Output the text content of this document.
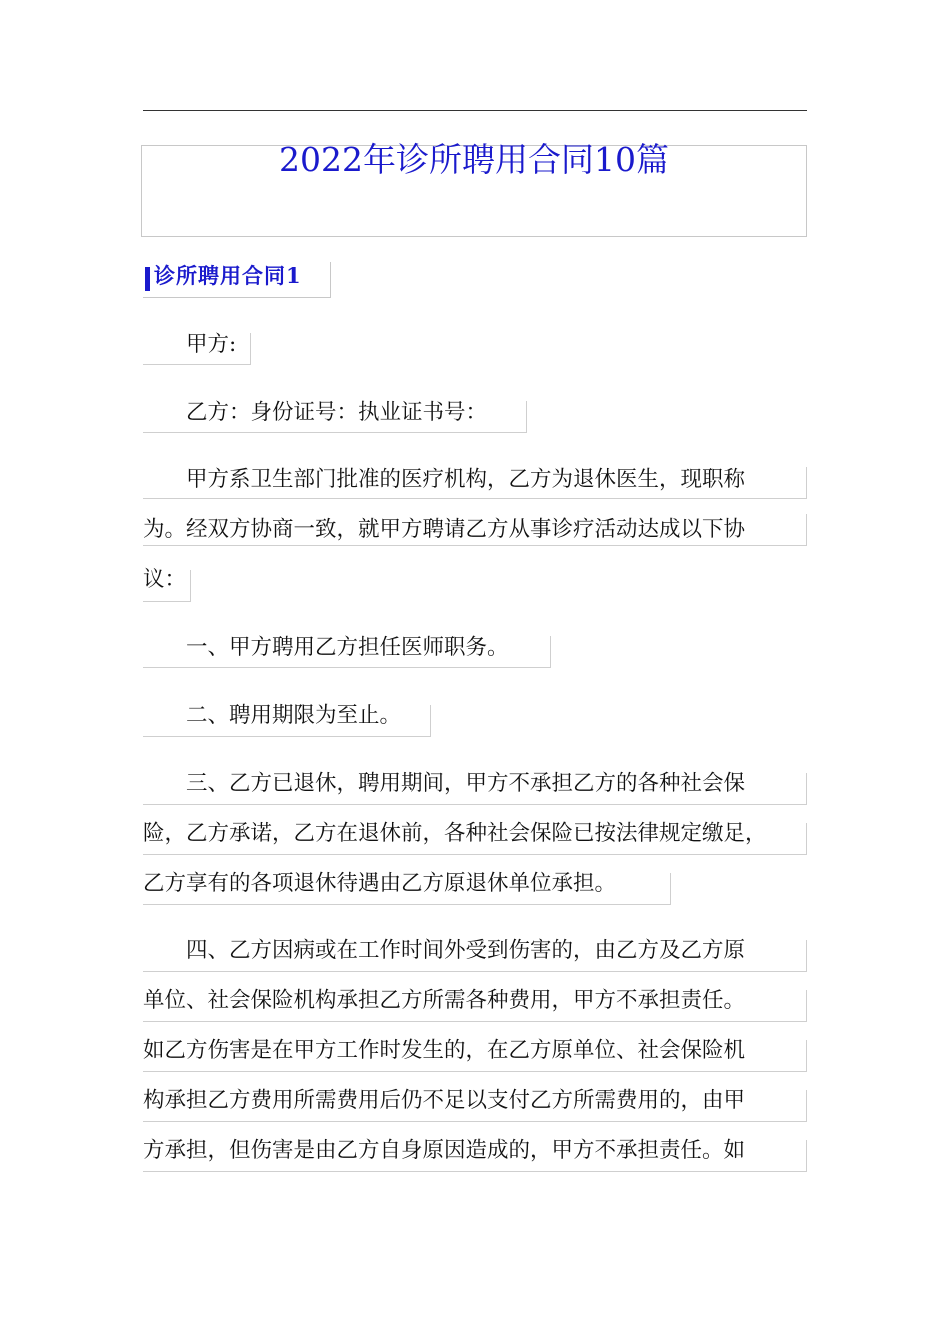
2022年诊所聘用合同10篇
诊所聘用合同1
　　甲方:
　　乙方：身份证号：执业证书号：
　　甲方系卫生部门批准的医疗机构，乙方为退休医生，现职称
为。经双方协商一致，就甲方聘请乙方从事诊疗活动达成以下协
议：
　　一、甲方聘用乙方担任医师职务。
　　二、聘用期限为至止。
　　三、乙方已退休，聘用期间，甲方不承担乙方的各种社会保
险，乙方承诺，乙方在退休前，各种社会保险已按法律规定缴足，
乙方享有的各项退休待遇由乙方原退休单位承担。
　　四、乙方因病或在工作时间外受到伤害的，由乙方及乙方原
单位、社会保险机构承担乙方所需各种费用，甲方不承担责任。
如乙方伤害是在甲方工作时发生的，在乙方原单位、社会保险机
构承担乙方费用所需费用后仍不足以支付乙方所需费用的，由甲
方承担，但伤害是由乙方自身原因造成的，甲方不承担责任。如
